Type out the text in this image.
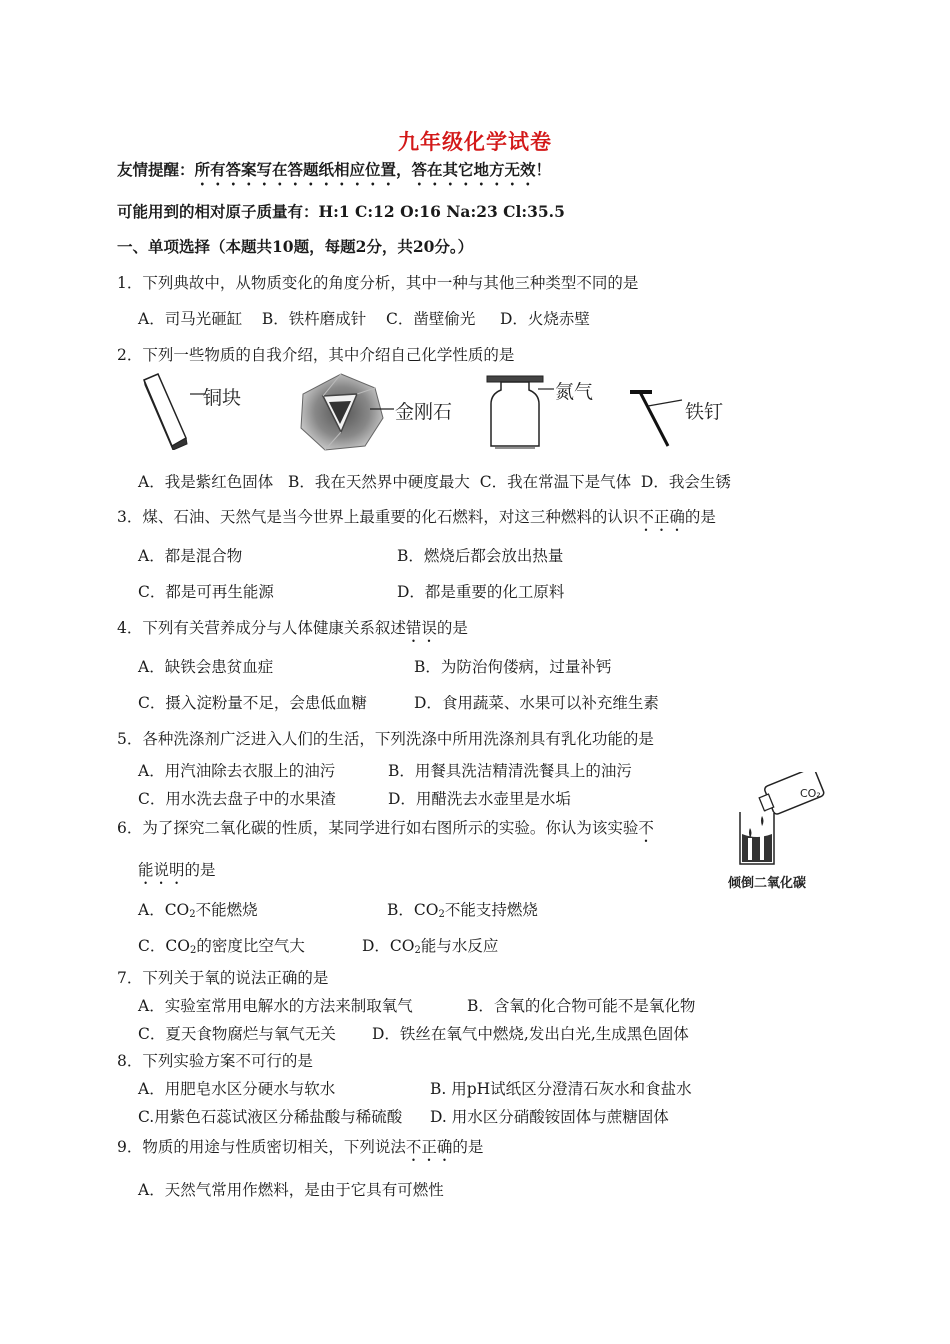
九年级化学试卷
友情提醒：所有答案写在答题纸相应位置，答在其它地方无效！
可能用到的相对原子质量有：H:1 C:12 O:16 Na:23 Cl:35.5
一、单项选择（本题共10题，每题2分，共20分。）
1．下列典故中，从物质变化的角度分析，其中一种与其他三种类型不同的是
A．司马光砸缸    B．铁杵磨成针    C．凿壁偷光     D．火烧赤壁
2．下列一些物质的自我介绍，其中介绍自己化学性质的是
铜块
金刚石
氮气
铁钉
A．我是紫红色固体   B．我在天然界中硬度最大  C．我在常温下是气体  D．我会生锈
3．煤、石油、天然气是当今世界上最重要的化石燃料，对这三种燃料的认识不正确的是
A．都是混合物	B．燃烧后都会放出热量
C．都是可再生能源	D．都是重要的化工原料
4．下列有关营养成分与人体健康关系叙述错误的是
A．缺铁会患贫血症	B．为防治佝偻病，过量补钙
C．摄入淀粉量不足，会患低血糖	D．食用蔬菜、水果可以补充维生素
5．各种洗涤剂广泛进入人们的生活，下列洗涤中所用洗涤剂具有乳化功能的是
A．用汽油除去衣服上的油污	B．用餐具洗洁精清洗餐具上的油污
C．用水洗去盘子中的水果渣	D．用醋洗去水壶里是水垢	CO₂
倾倒二氧化碳
6．为了探究二氧化碳的性质，某同学进行如右图所示的实验。你认为该实验不
能说明的是
A．$CO_2$不能燃烧	B．$CO_2$不能支持燃烧
C．$CO_2$的密度比空气大	D．$CO_2$能与水反应
7．下列关于氧的说法正确的是
A．实验室常用电解水的方法来制取氧气	B．含氧的化合物可能不是氧化物
C．夏天食物腐烂与氧气无关 D．铁丝在氧气中燃烧,发出白光,生成黑色固体
8．下列实验方案不可行的是
A．用肥皂水区分硬水与软水	B. 用pH试纸区分澄清石灰水和食盐水
C.用紫色石蕊试液区分稀盐酸与稀硫酸 D. 用水区分硝酸铵固体与蔗糖固体
9．物质的用途与性质密切相关，下列说法不正确的是
A．天然气常用作燃料，是由于它具有可燃性
